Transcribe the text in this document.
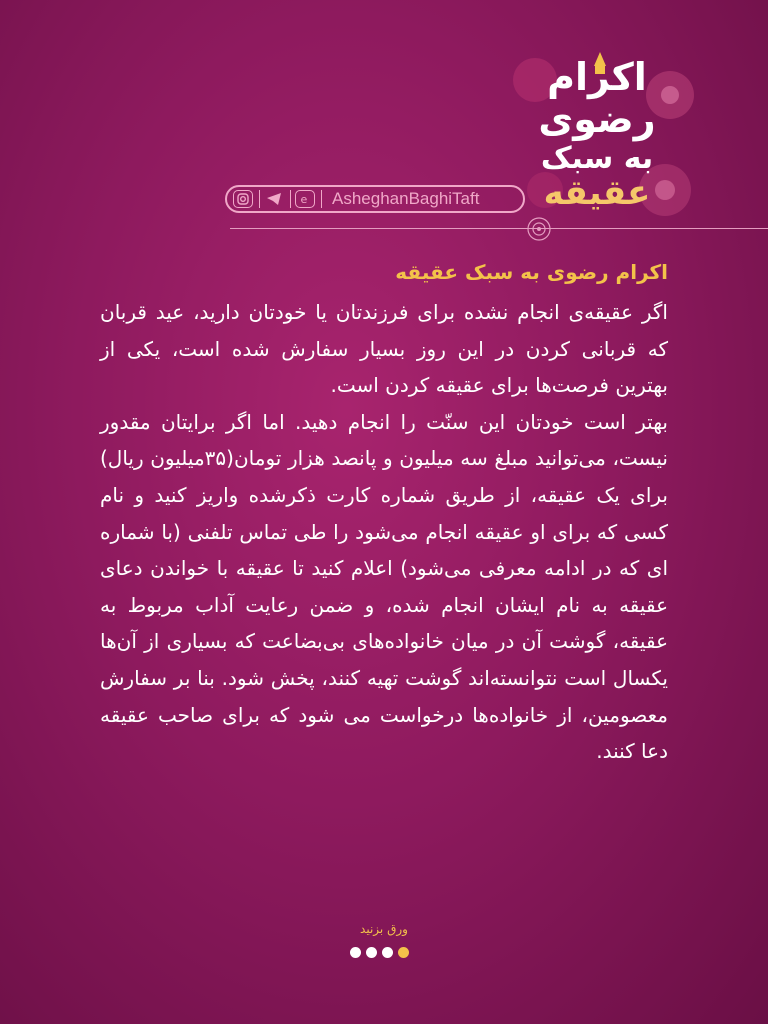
اکرام
رضوی
به سبک
عقیقه
e AsheghanBaghiTaft
اکرام رضوی به سبک عقیقه

اگر عقیقه‌ی انجام نشده برای فرزندتان یا خودتان دارید، عید قربان که قربانی کردن در این روز بسیار سفارش شده است، یکی از بهترین فرصت‌ها برای عقیقه کردن است.

بهتر است خودتان این سنّت را انجام دهید. اما اگر برایتان مقدور نیست، می‌توانید مبلغ سه میلیون و پانصد هزار تومان(۳۵میلیون ریال) برای یک عقیقه، از طریق شماره کارت ذکرشده واریز کنید و نام کسی که برای او عقیقه انجام می‌شود را طی تماس تلفنی (با شماره ای که در ادامه معرفی می‌شود) اعلام کنید تا عقیقه با خواندن دعای عقیقه به نام ایشان انجام شده، و ضمن رعایت آداب مربوط به عقیقه، گوشت آن در میان خانواده‌های بی‌بضاعت که بسیاری از آن‌ها یکسال است نتوانسته‌اند گوشت تهیه کنند، پخش شود. بنا بر سفارش معصومین، از خانواده‌ها درخواست می شود که برای صاحب عقیقه دعا کنند.

ورق بزنید
